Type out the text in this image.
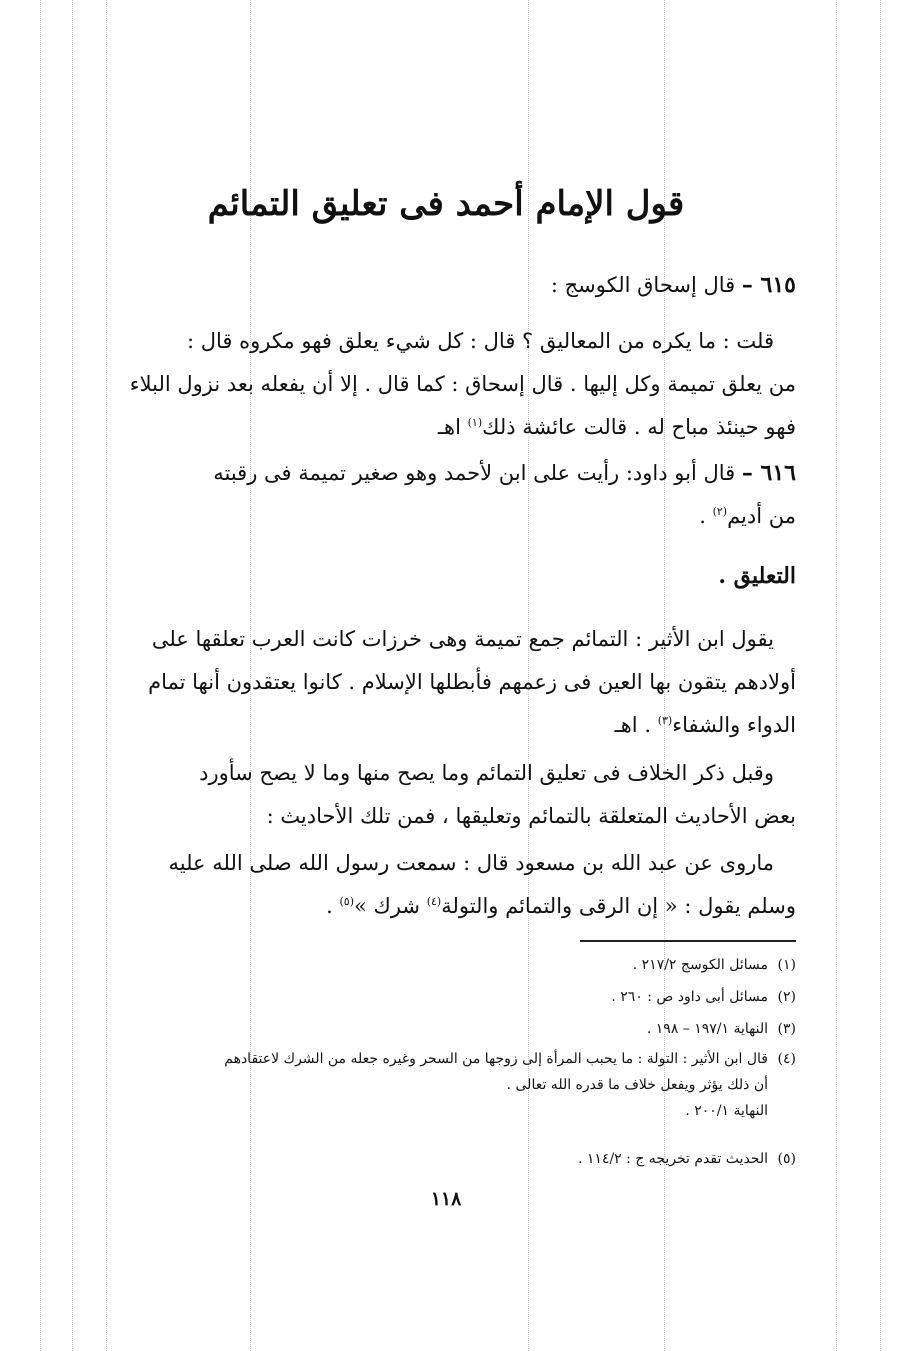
قول الإمام أحمد فى تعليق التمائم

٦١٥ – قال إسحاق الكوسج :

قلت : ما يكره من المعاليق ؟ قال : كل شيء يعلق فهو مكروه قال :
من يعلق تميمة وكل إليها . قال إسحاق : كما قال . إلا أن يفعله بعد نزول البلاء
فهو حينئذ مباح له . قالت عائشة ذلك$^{(١)}$ اهـ

٦١٦ – قال أبو داود: رأيت على ابن لأحمد وهو صغير تميمة فى رقبته
من أديم$^{(٢)}$ .

التعليق .

يقول ابن الأثير : التمائم جمع تميمة وهى خرزات كانت العرب تعلقها على
أولادهم يتقون بها العين فى زعمهم فأبطلها الإسلام . كانوا يعتقدون أنها تمام
الدواء والشفاء$^{(٣)}$ . اهـ

وقبل ذكر الخلاف فى تعليق التمائم وما يصح منها وما لا يصح سأورد
بعض الأحاديث المتعلقة بالتمائم وتعليقها ، فمن تلك الأحاديث :

ماروى عن عبد الله بن مسعود قال : سمعت رسول الله صلى الله عليه
وسلم يقول : « إن الرقى والتمائم والتولة$^{(٤)}$ شرك »$^{(٥)}$ .

(١)مسائل الكوسج ٢١٧/٢ .

(٢)مسائل أبى داود ص : ٢٦٠ .

(٣)النهاية ١٩٧/١ – ١٩٨ .

(٤)قال ابن الأثير : التولة : ما يحبب المرأة إلى زوجها من السحر وغيره جعله من الشرك لاعتقادهم
أن ذلك يؤثر ويفعل خلاف ما قدره الله تعالى .
النهاية ٢٠٠/١ .

(٥)الحديث تقدم تخريجه ج : ١١٤/٢ .

١١٨
